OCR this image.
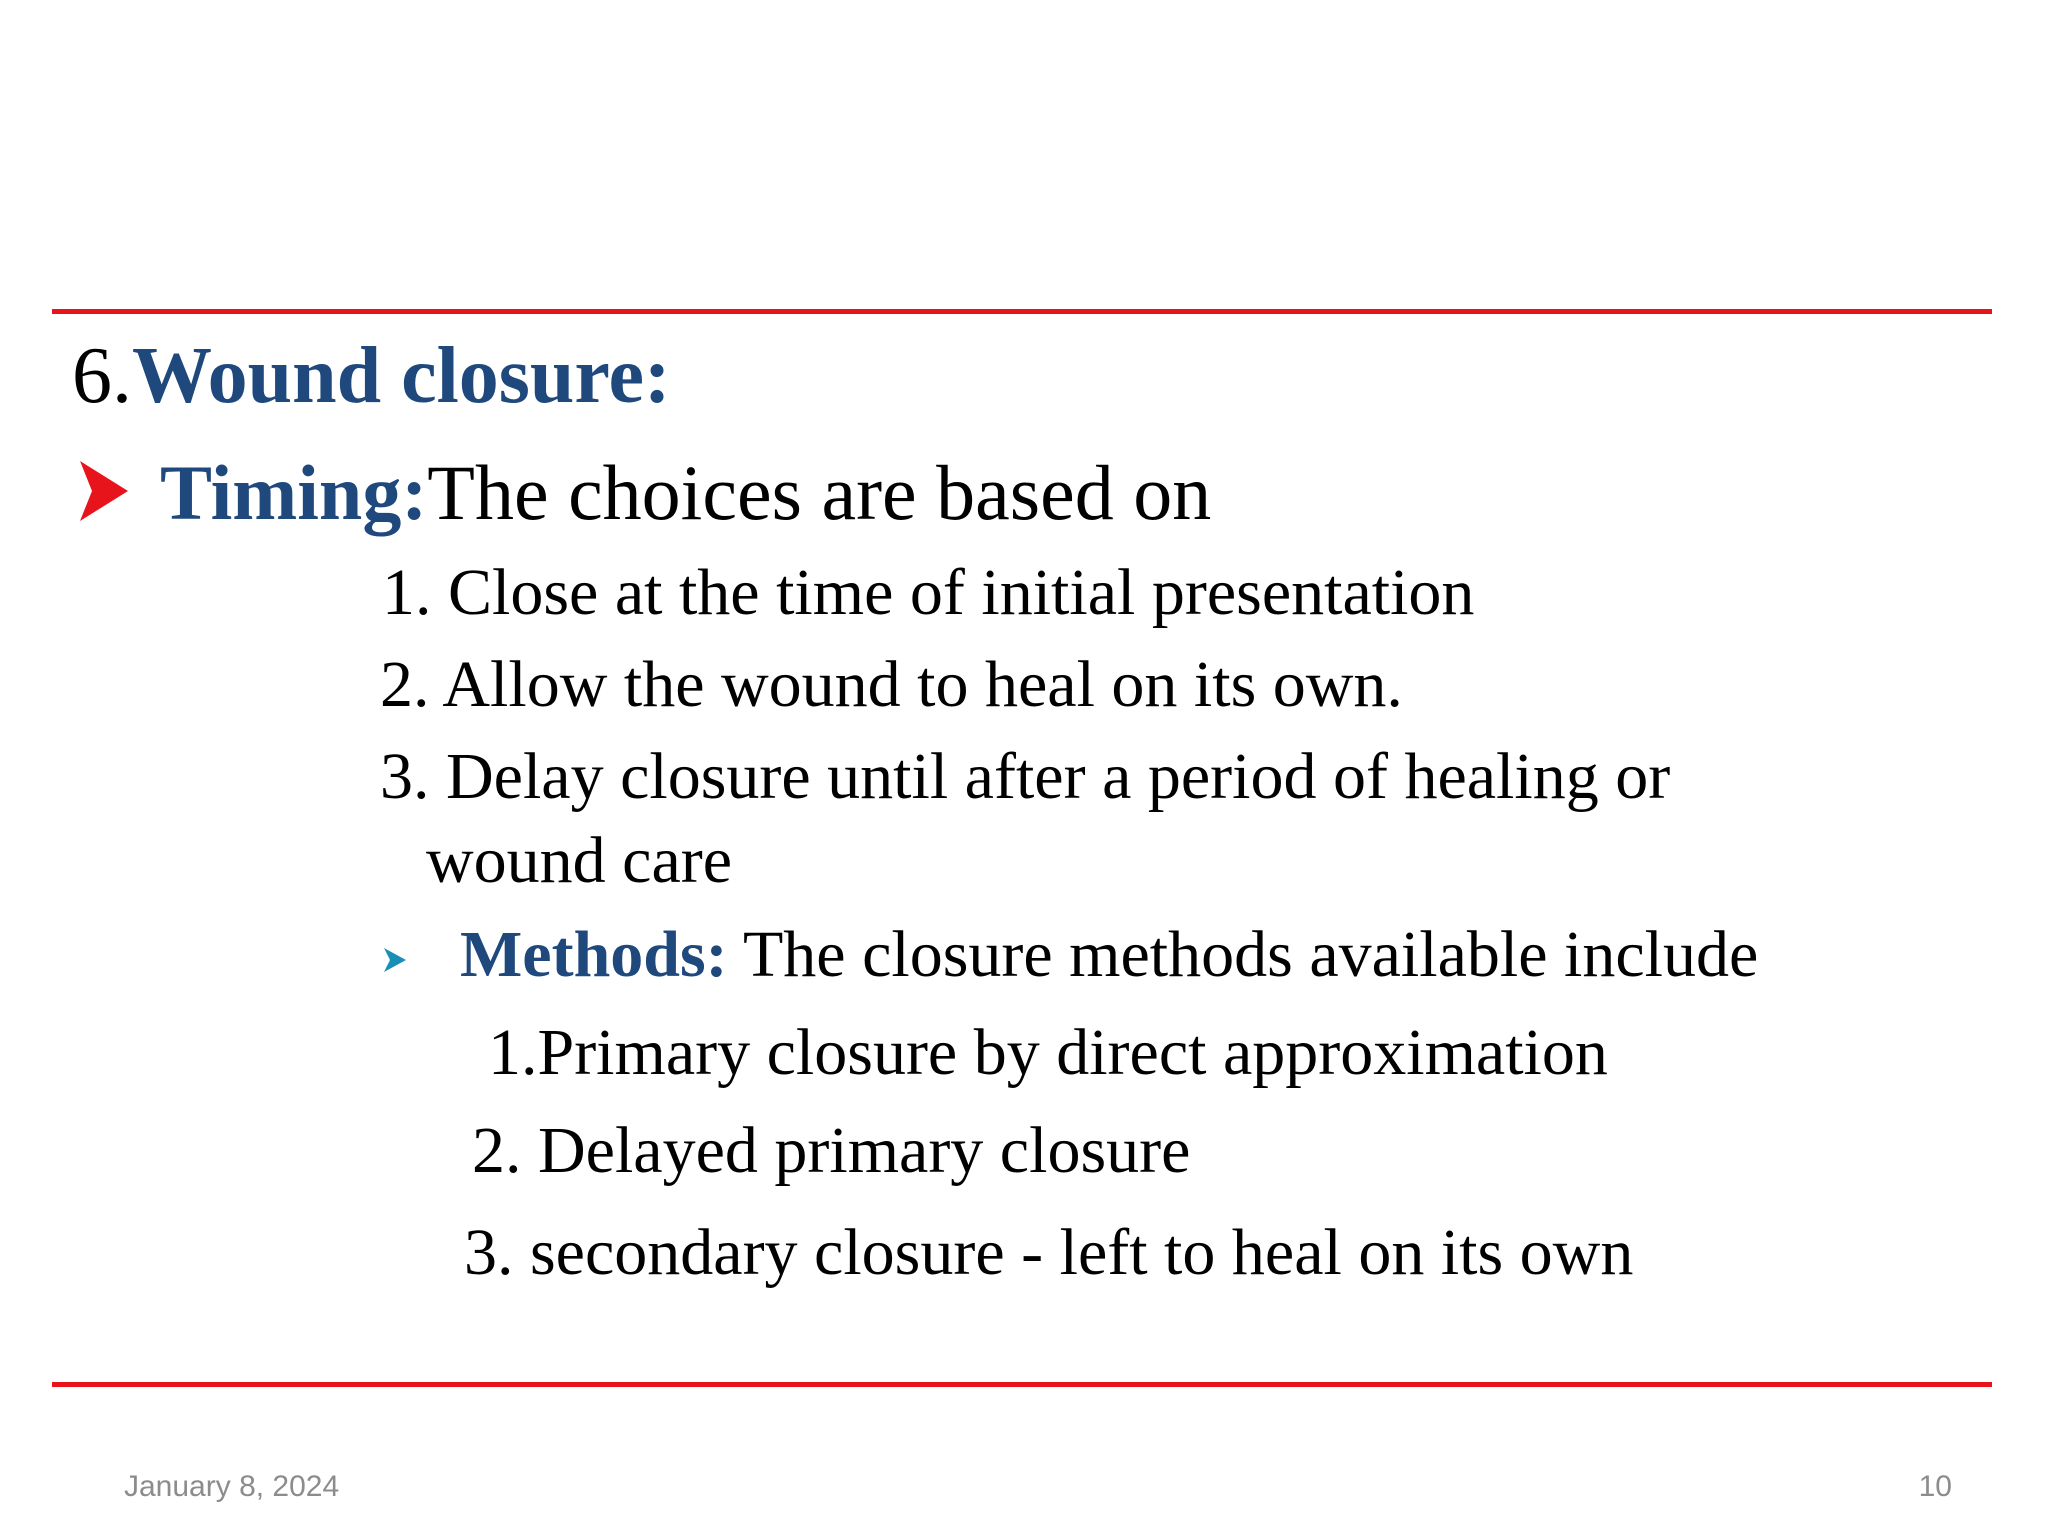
6.Wound closure:
Timing:The choices are based on
1. Close at the time of initial presentation
2. Allow the wound to heal on its own.
3. Delay closure until after a period of healing or
wound care
Methods: The closure methods available include
1.Primary closure by direct approximation
2. Delayed primary closure
3. secondary closure - left to heal on its own
January 8, 2024	10
